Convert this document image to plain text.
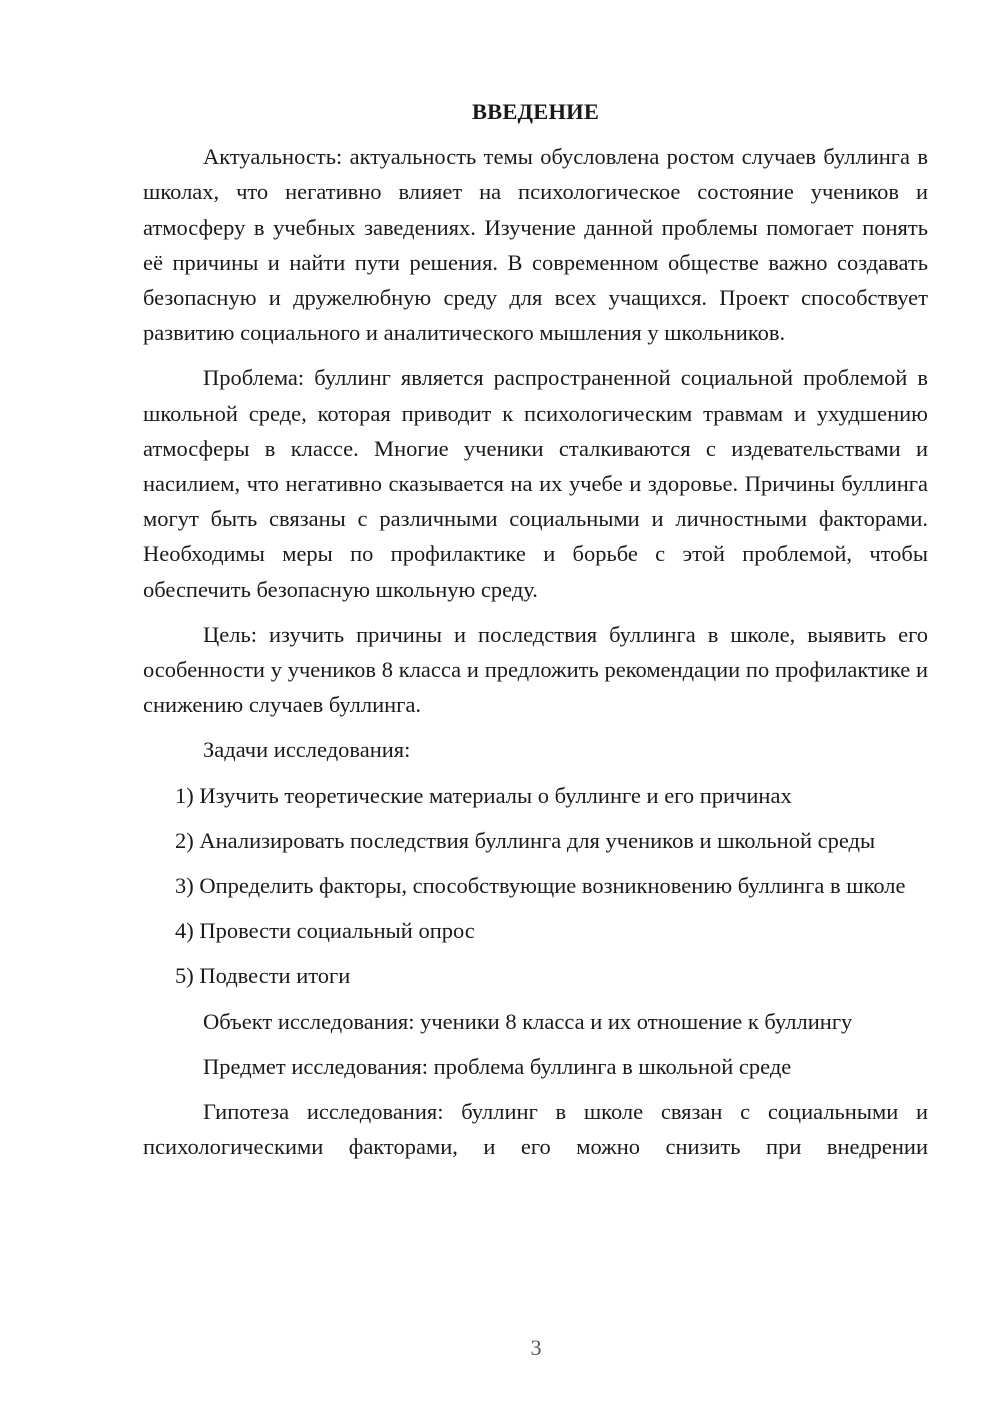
ВВЕДЕНИЕ

Актуальность: актуальность темы обусловлена ростом случаев буллинга в школах, что негативно влияет на психологическое состояние учеников и атмосферу в учебных заведениях. Изучение данной проблемы помогает понять её причины и найти пути решения. В современном обществе важно создавать безопасную и дружелюбную среду для всех учащихся. Проект способствует развитию социального и аналитического мышления у школьников.

Проблема: буллинг является распространенной социальной проблемой в школьной среде, которая приводит к психологическим травмам и ухудшению атмосферы в классе. Многие ученики сталкиваются с издевательствами и насилием, что негативно сказывается на их учебе и здоровье. Причины буллинга могут быть связаны с различными социальными и личностными факторами. Необходимы меры по профилактике и борьбе с этой проблемой, чтобы обеспечить безопасную школьную среду.

Цель: изучить причины и последствия буллинга в школе, выявить его особенности у учеников 8 класса и предложить рекомендации по профилактике и снижению случаев буллинга.

Задачи исследования:

1) Изучить теоретические материалы о буллинге и его причинах

2) Анализировать последствия буллинга для учеников и школьной среды

3) Определить факторы, способствующие возникновению буллинга в школе

4) Провести социальный опрос

5) Подвести итоги

Объект исследования: ученики 8 класса и их отношение к буллингу

Предмет исследования: проблема буллинга в школьной среде

Гипотеза исследования: буллинг в школе связан с социальными и психологическими факторами, и его можно снизить при внедрении

3
